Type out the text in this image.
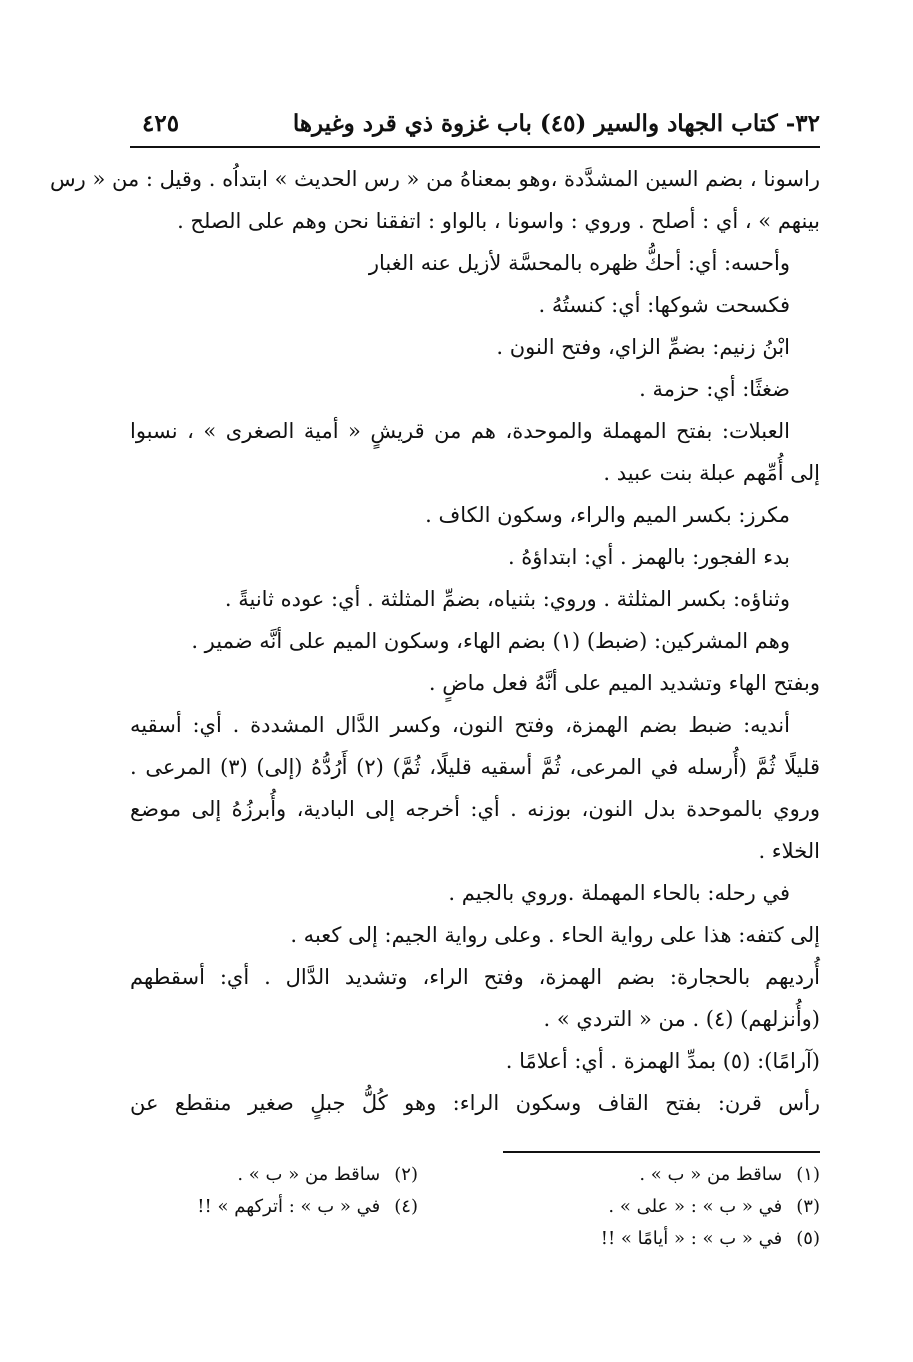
٣٢- كتاب الجهاد والسير (٤٥) باب غزوة ذي قرد وغيرها
٤٢٥
راسونا ، بضم السين المشدَّدة ،وهو بمعناهُ من « رس الحديث » ابتداُه . وقيل : من « رس
بينهم » ، أي : أصلح . وروي : واسونا ، بالواو : اتفقنا نحن وهم على الصلح .
وأحسه: أي: أحكُّ ظهره بالمحسَّة لأزيل عنه الغبار
فكسحت شوكها: أي: كنستُهُ .
ابْنُ زنيم: بضمِّ الزاي، وفتح النون .
ضغثًا: أي: حزمة .
العبلات: بفتح المهملة والموحدة، هم من قريشٍ « أمية الصغرى » ، نسبوا
إلى أُمِّهم عبلة بنت عبيد .
مكرز: بكسر الميم والراء، وسكون الكاف .
بدء الفجور: بالهمز . أي: ابتداؤهُ .
وثناؤه: بكسر المثلثة . وروي: بثنياه، بضمِّ المثلثة . أي: عوده ثانيةً .
وهم المشركين: (ضبط) (١) بضم الهاء، وسكون الميم على أنَّه ضمير .
وبفتح الهاء وتشديد الميم على أنَّهُ فعل ماضٍ .
أنديه: ضبط بضم الهمزة، وفتح النون، وكسر الدَّال المشددة . أي: أسقيه
قليلًا ثُمَّ (أُرسله في المرعى، ثُمَّ أسقيه قليلًا، ثُمَّ) (٢) أَرُدُّهُ (إلى) (٣) المرعى .
وروي بالموحدة بدل النون، بوزنه . أي: أخرجه إلى البادية، وأُبرزُهُ إلى موضع
الخلاء .
في رحله: بالحاء المهملة .وروي بالجيم .
إلى كتفه: هذا على رواية الحاء . وعلى رواية الجيم: إلى كعبه .
أُرديهم بالحجارة: بضم الهمزة، وفتح الراء، وتشديد الدَّال . أي: أسقطهم
(وأُنزلهم) (٤) . من « التردي » .
(آرامًا): (٥) بمدِّ الهمزة . أي: أعلامًا .
رأس قرن: بفتح القاف وسكون الراء: وهو كُلُّ جبلٍ صغير منقطع عن
(١)ساقط من « ب » .
(٢)ساقط من « ب » .
(٣)في « ب » : « على » .
(٤)في « ب » : أتركهم » !!
(٥)في « ب » : « أيامًا » !!
